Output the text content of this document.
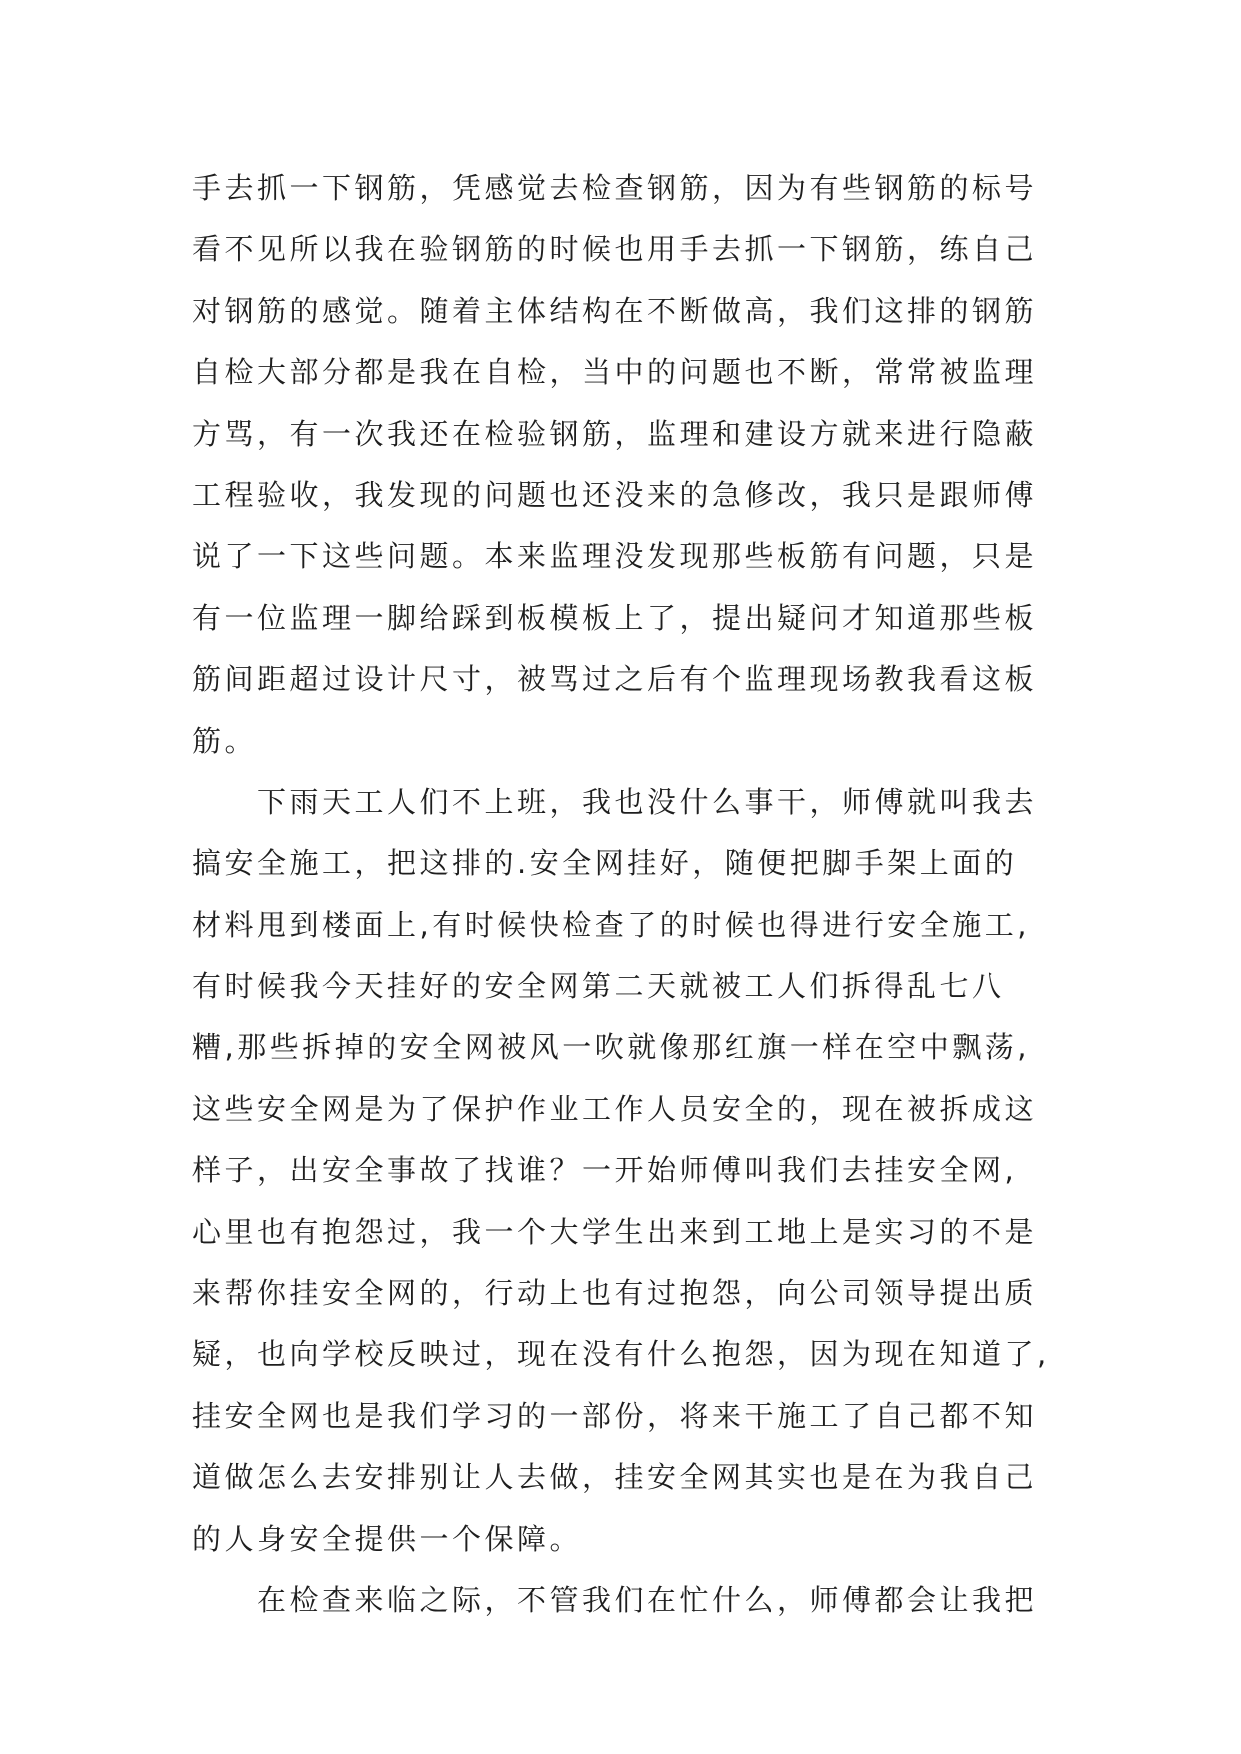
手去抓一下钢筋，凭感觉去检查钢筋，因为有些钢筋的标号
看不见所以我在验钢筋的时候也用手去抓一下钢筋，练自己
对钢筋的感觉。随着主体结构在不断做高，我们这排的钢筋
自检大部分都是我在自检，当中的问题也不断，常常被监理
方骂，有一次我还在检验钢筋，监理和建设方就来进行隐蔽
工程验收，我发现的问题也还没来的急修改，我只是跟师傅
说了一下这些问题。本来监理没发现那些板筋有问题，只是
有一位监理一脚给踩到板模板上了，提出疑问才知道那些板
筋间距超过设计尺寸，被骂过之后有个监理现场教我看这板
筋。
下雨天工人们不上班，我也没什么事干，师傅就叫我去
搞安全施工，把这排的.安全网挂好，随便把脚手架上面的
材料甩到楼面上,有时候快检查了的时候也得进行安全施工,
有时候我今天挂好的安全网第二天就被工人们拆得乱七八
糟,那些拆掉的安全网被风一吹就像那红旗一样在空中飘荡,
这些安全网是为了保护作业工作人员安全的，现在被拆成这
样子，出安全事故了找谁？一开始师傅叫我们去挂安全网,
心里也有抱怨过，我一个大学生出来到工地上是实习的不是
来帮你挂安全网的，行动上也有过抱怨，向公司领导提出质
疑，也向学校反映过，现在没有什么抱怨，因为现在知道了,
挂安全网也是我们学习的一部份，将来干施工了自己都不知
道做怎么去安排别让人去做，挂安全网其实也是在为我自己
的人身安全提供一个保障。
在检查来临之际，不管我们在忙什么，师傅都会让我把
